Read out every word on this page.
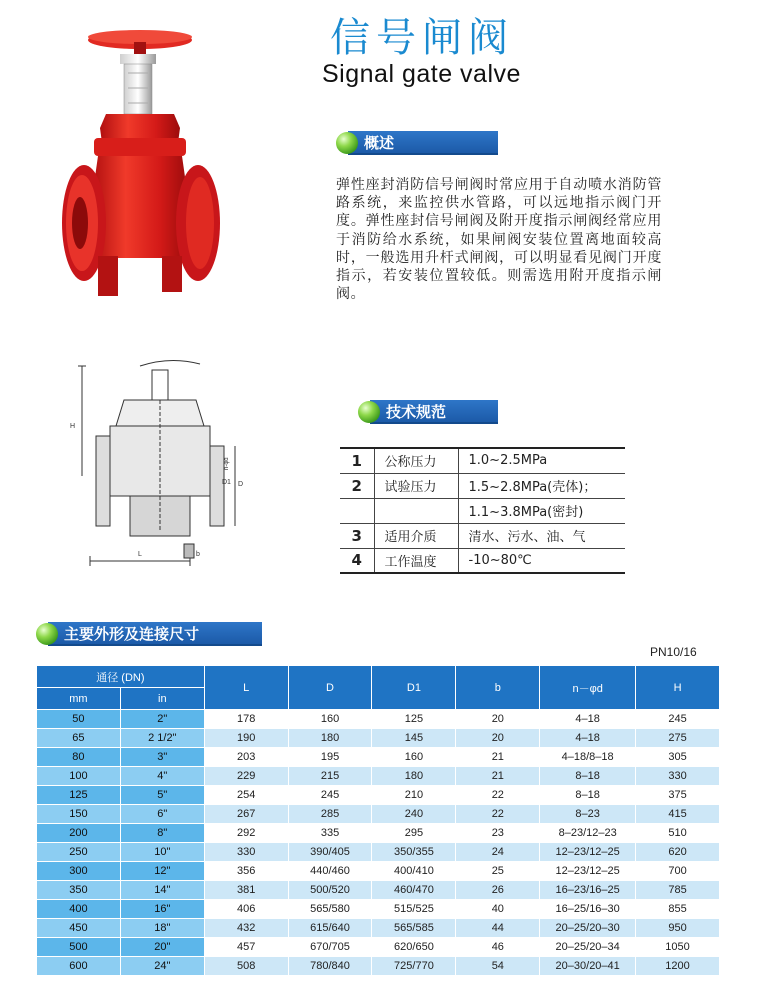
信号闸阀
Signal gate valve
H
D
D1
L	b
n-φd
概述
弹性座封消防信号闸阀时常应用于自动喷水消防管路系统，来监控供水管路，可以远地指示阀门开度。弹性座封信号闸阀及附开度指示闸阀经常应用于消防给水系统，如果闸阀安装位置离地面较高时，一般选用升杆式闸阀，可以明显看见阀门开度指示，若安装位置较低。则需选用附开度指示闸阀。
技术规范
1	公称压力	1.0~2.5MPa
2	试验压力	1.5~2.8MPa(壳体)；
		1.1~3.8MPa(密封)
3	适用介质	清水、污水、油、气
4	工作温度	-10~80℃
主要外形及连接尺寸
PN10/16
通径 (DN)		L	D	D1	b	n－φd	H
mm	in						
50	2"	178	160	125	20	4–18	245
65	2 1/2"	190	180	145	20	4–18	275
80	3"	203	195	160	21	4–18/8–18	305
100	4"	229	215	180	21	8–18	330
125	5"	254	245	210	22	8–18	375
150	6"	267	285	240	22	8–23	415
200	8"	292	335	295	23	8–23/12–23	510
250	10"	330	390/405	350/355	24	12–23/12–25	620
300	12"	356	440/460	400/410	25	12–23/12–25	700
350	14"	381	500/520	460/470	26	16–23/16–25	785
400	16"	406	565/580	515/525	40	16–25/16–30	855
450	18"	432	615/640	565/585	44	20–25/20–30	950
500	20"	457	670/705	620/650	46	20–25/20–34	1050
600	24"	508	780/840	725/770	54	20–30/20–41	1200
